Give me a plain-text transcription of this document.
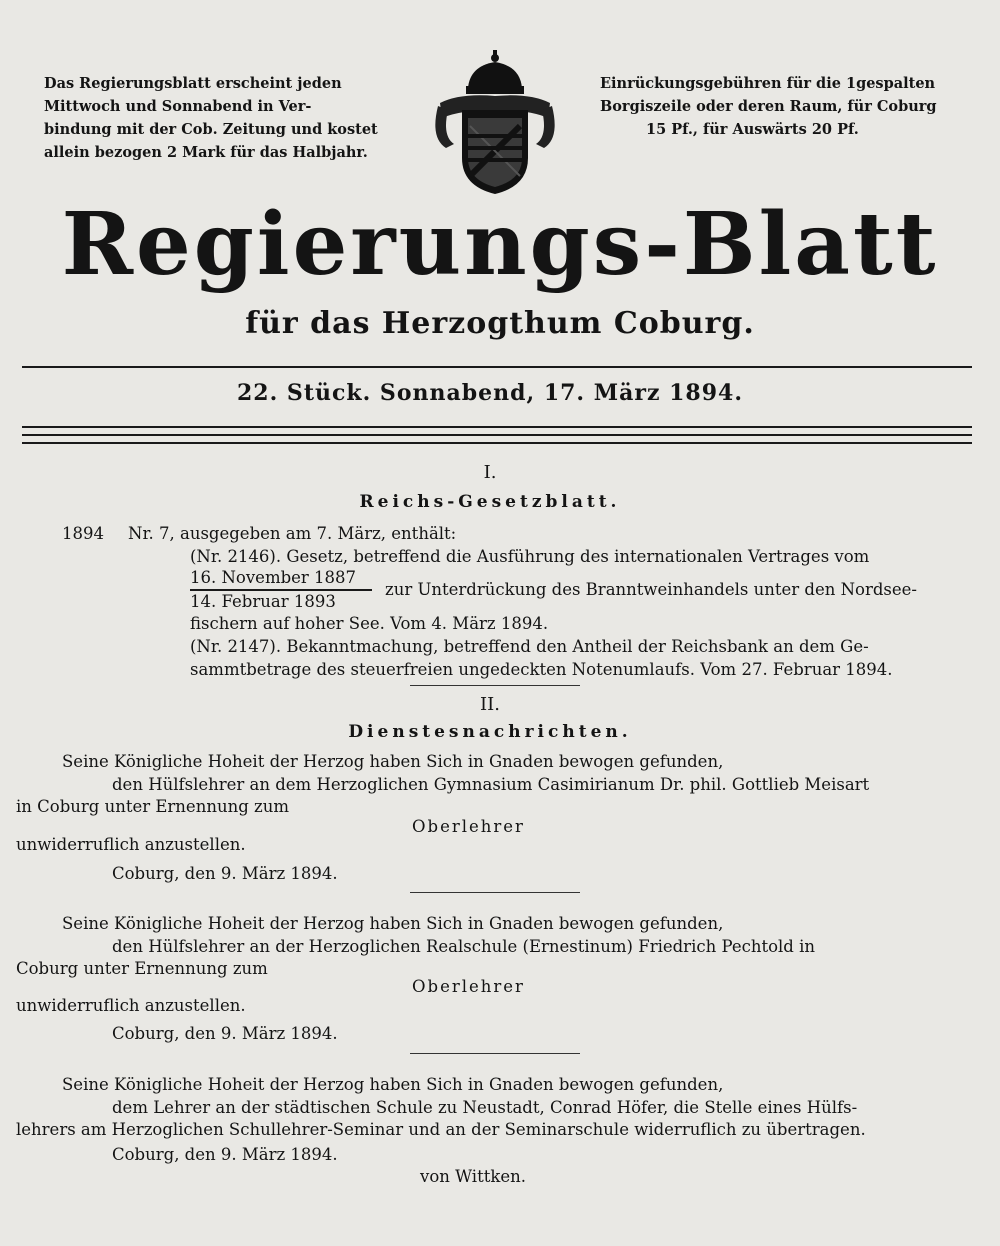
Das Regierungsblatt erscheint jeden
Mittwoch und Sonnabend in Ver-
bindung mit der Cob. Zeitung und kostet
allein bezogen 2 Mark für das Halbjahr.
Einrückungsgebühren für die 1gespalten
Borgiszeile oder deren Raum, für Coburg
15 Pf., für Auswärts 20 Pf.
Regierungs-Blatt
für das Herzogthum Coburg.
22. Stück. Sonnabend, 17. März 1894.
I.
Reichs-Gesetzblatt.
1894 Nr. 7, ausgegeben am 7. März, enthält:
(Nr. 2146). Gesetz, betreffend die Ausführung des internationalen Vertrages vom
16. November 1887
14. Februar 1893
zur Unterdrückung des Branntweinhandels unter den Nordsee-
fischern auf hoher See. Vom 4. März 1894.
(Nr. 2147). Bekanntmachung, betreffend den Antheil der Reichsbank an dem Ge-
sammtbetrage des steuerfreien ungedeckten Notenumlaufs. Vom 27. Februar 1894.
II.
Dienstesnachrichten.
Seine Königliche Hoheit der Herzog haben Sich in Gnaden bewogen gefunden,
den Hülfslehrer an dem Herzoglichen Gymnasium Casimirianum Dr. phil. Gottlieb Meisart
in Coburg unter Ernennung zum
Oberlehrer
unwiderruflich anzustellen.
Coburg, den 9. März 1894.
Seine Königliche Hoheit der Herzog haben Sich in Gnaden bewogen gefunden,
den Hülfslehrer an der Herzoglichen Realschule (Ernestinum) Friedrich Pechtold in
Coburg unter Ernennung zum
Oberlehrer
unwiderruflich anzustellen.
Coburg, den 9. März 1894.
Seine Königliche Hoheit der Herzog haben Sich in Gnaden bewogen gefunden,
dem Lehrer an der städtischen Schule zu Neustadt, Conrad Höfer, die Stelle eines Hülfs-
lehrers am Herzoglichen Schullehrer-Seminar und an der Seminarschule widerruflich zu übertragen.
Coburg, den 9. März 1894.
von Wittken.
